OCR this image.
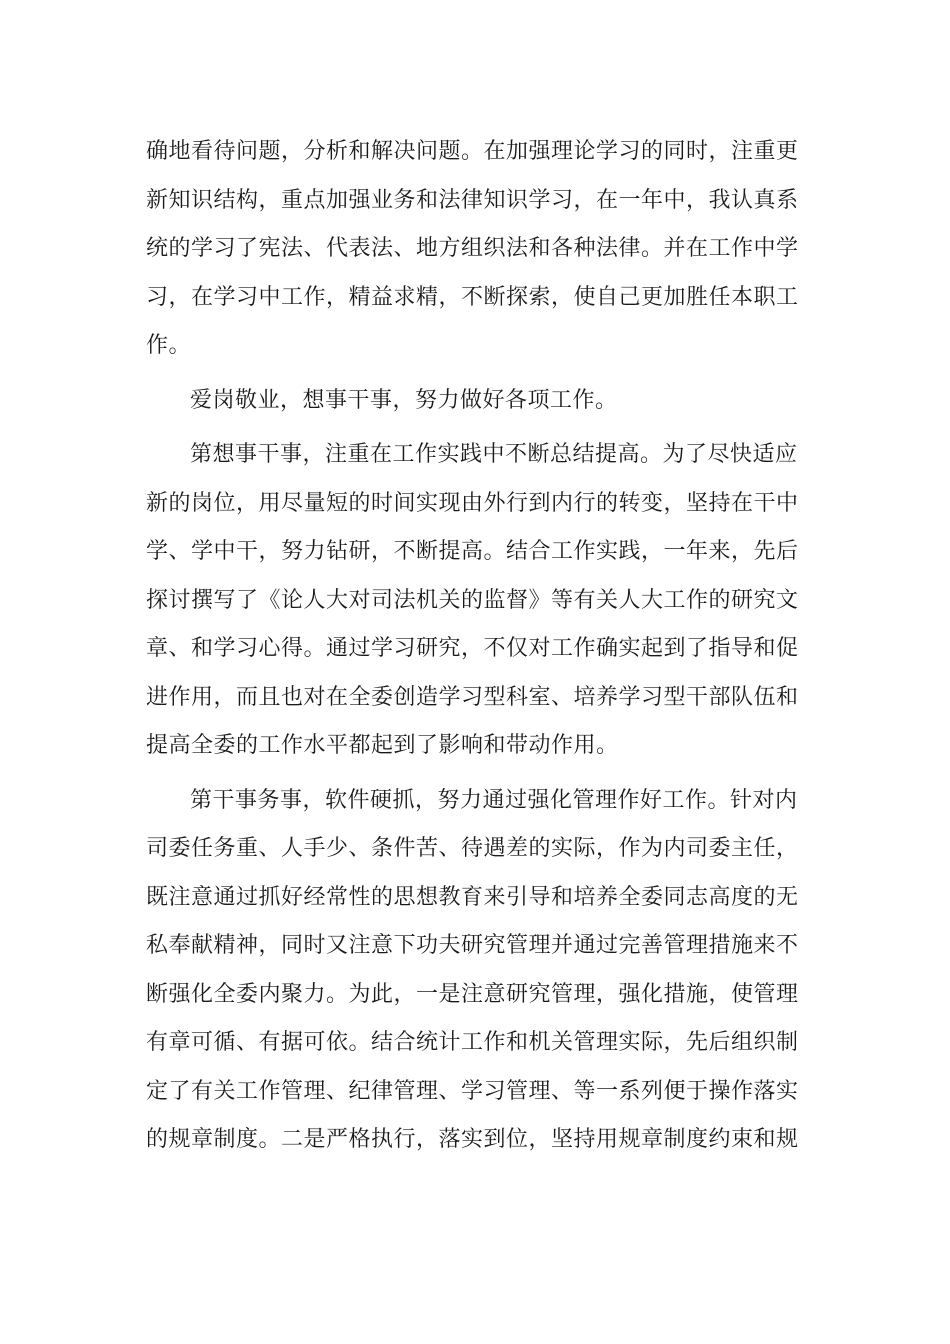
确地看待问题，分析和解决问题。在加强理论学习的同时，注重更
新知识结构，重点加强业务和法律知识学习，在一年中，我认真系
统的学习了宪法、代表法、地方组织法和各种法律。并在工作中学
习，在学习中工作，精益求精，不断探索，使自己更加胜任本职工
作。
爱岗敬业，想事干事，努力做好各项工作。
第想事干事，注重在工作实践中不断总结提高。为了尽快适应
新的岗位，用尽量短的时间实现由外行到内行的转变，坚持在干中
学、学中干，努力钻研，不断提高。结合工作实践，一年来，先后
探讨撰写了《论人大对司法机关的监督》等有关人大工作的研究文
章、和学习心得。通过学习研究，不仅对工作确实起到了指导和促
进作用，而且也对在全委创造学习型科室、培养学习型干部队伍和
提高全委的工作水平都起到了影响和带动作用。
第干事务事，软件硬抓，努力通过强化管理作好工作。针对内
司委任务重、人手少、条件苦、待遇差的实际，作为内司委主任，
既注意通过抓好经常性的思想教育来引导和培养全委同志高度的无
私奉献精神，同时又注意下功夫研究管理并通过完善管理措施来不
断强化全委内聚力。为此，一是注意研究管理，强化措施，使管理
有章可循、有据可依。结合统计工作和机关管理实际，先后组织制
定了有关工作管理、纪律管理、学习管理、等一系列便于操作落实
的规章制度。二是严格执行，落实到位，坚持用规章制度约束和规
